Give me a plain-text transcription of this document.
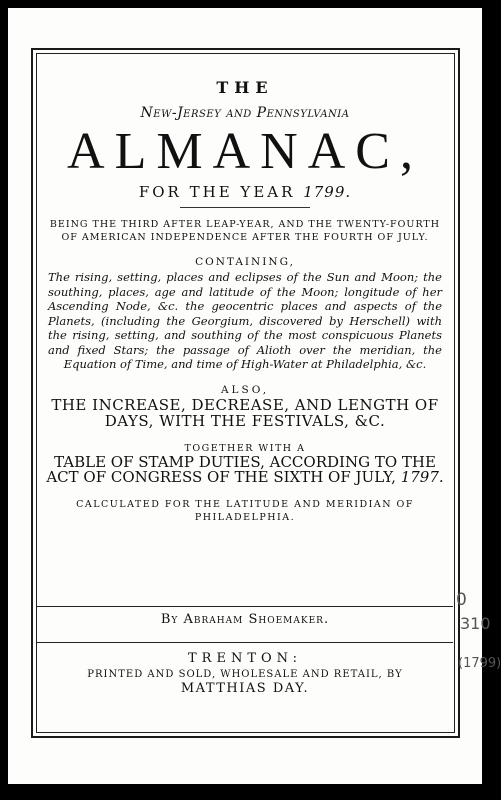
THE
New-Jersey and Pennsylvania
ALMANAC,
FOR THE YEAR 1799.
BEING THE THIRD AFTER LEAP-YEAR, AND THE TWENTY-FOURTH OF AMERICAN INDEPENDENCE AFTER THE FOURTH OF JULY.
CONTAINING,
The rising, setting, places and eclipses of the Sun and Moon; the southing, places, age and latitude of the Moon; longitude of her Ascending Node, &c. the geocentric places and aspects of the Planets, (including the Georgium, discovered by Herschell) with the rising, setting, and southing of the most conspicuous Planets and fixed Stars; the passage of Alioth over the meridian, the Equation of Time, and time of High-Water at Philadelphia, &c.
ALSO,
THE INCREASE, DECREASE, AND LENGTH OF DAYS, WITH THE FESTIVALS, &C.
TOGETHER WITH A
TABLE OF STAMP DUTIES, ACCORDING TO THE ACT OF CONGRESS OF THE SIXTH OF JULY, 1797.
CALCULATED FOR THE LATITUDE AND MERIDIAN OF PHILADELPHIA.
By Abraham Shoemaker.
TRENTON:
PRINTED AND SOLD, WHOLESALE AND RETAIL, BY
MATTHIAS DAY.
0
310
(1799)
